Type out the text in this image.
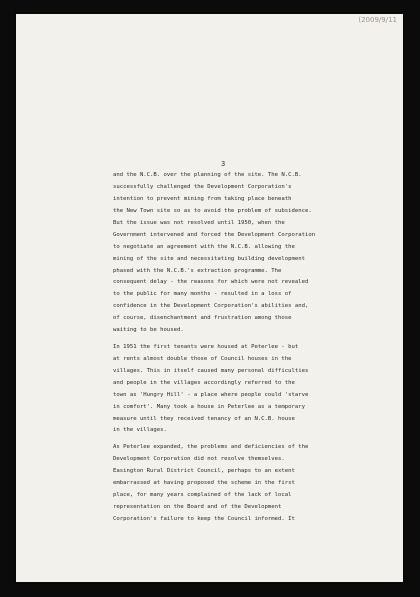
(2009/9/11
3
and the N.C.B. over the planning of the site. The N.C.B.
successfully challenged the Development Corporation's
intention to prevent mining from taking place beneath
the New Town site so as to avoid the problem of subsidence.
But the issue was not resolved until 1950, when the
Government intervened and forced the Development Corporation
to negotiate an agreement with the N.C.B. allowing the
mining of the site and necessitating building development
phased with the N.C.B.'s extraction programme. The
consequent delay - the reasons for which were not revealed
to the public for many months - resulted in a loss of
confidence in the Development Corporation's abilities and,
of course, disenchantment and frustration among those
waiting to be housed.
In 1951 the first tenants were housed at Peterlee - but
at rents almost double those of Council houses in the
villages. This in itself caused many personal difficulties
and people in the villages accordingly referred to the
town as 'Hungry Hill' - a place where people could 'starve
in comfort'. Many took a house in Peterlee as a temporary
measure until they received tenancy of an N.C.B. house
in the villages.
As Peterlee expanded, the problems and deficiencies of the
Development Corporation did not resolve themselves.
Easington Rural District Council, perhaps to an extent
embarrassed at having proposed the scheme in the first
place, for many years complained of the lack of local
representation on the Board and of the Development
Corporation's failure to keep the Council informed. It
